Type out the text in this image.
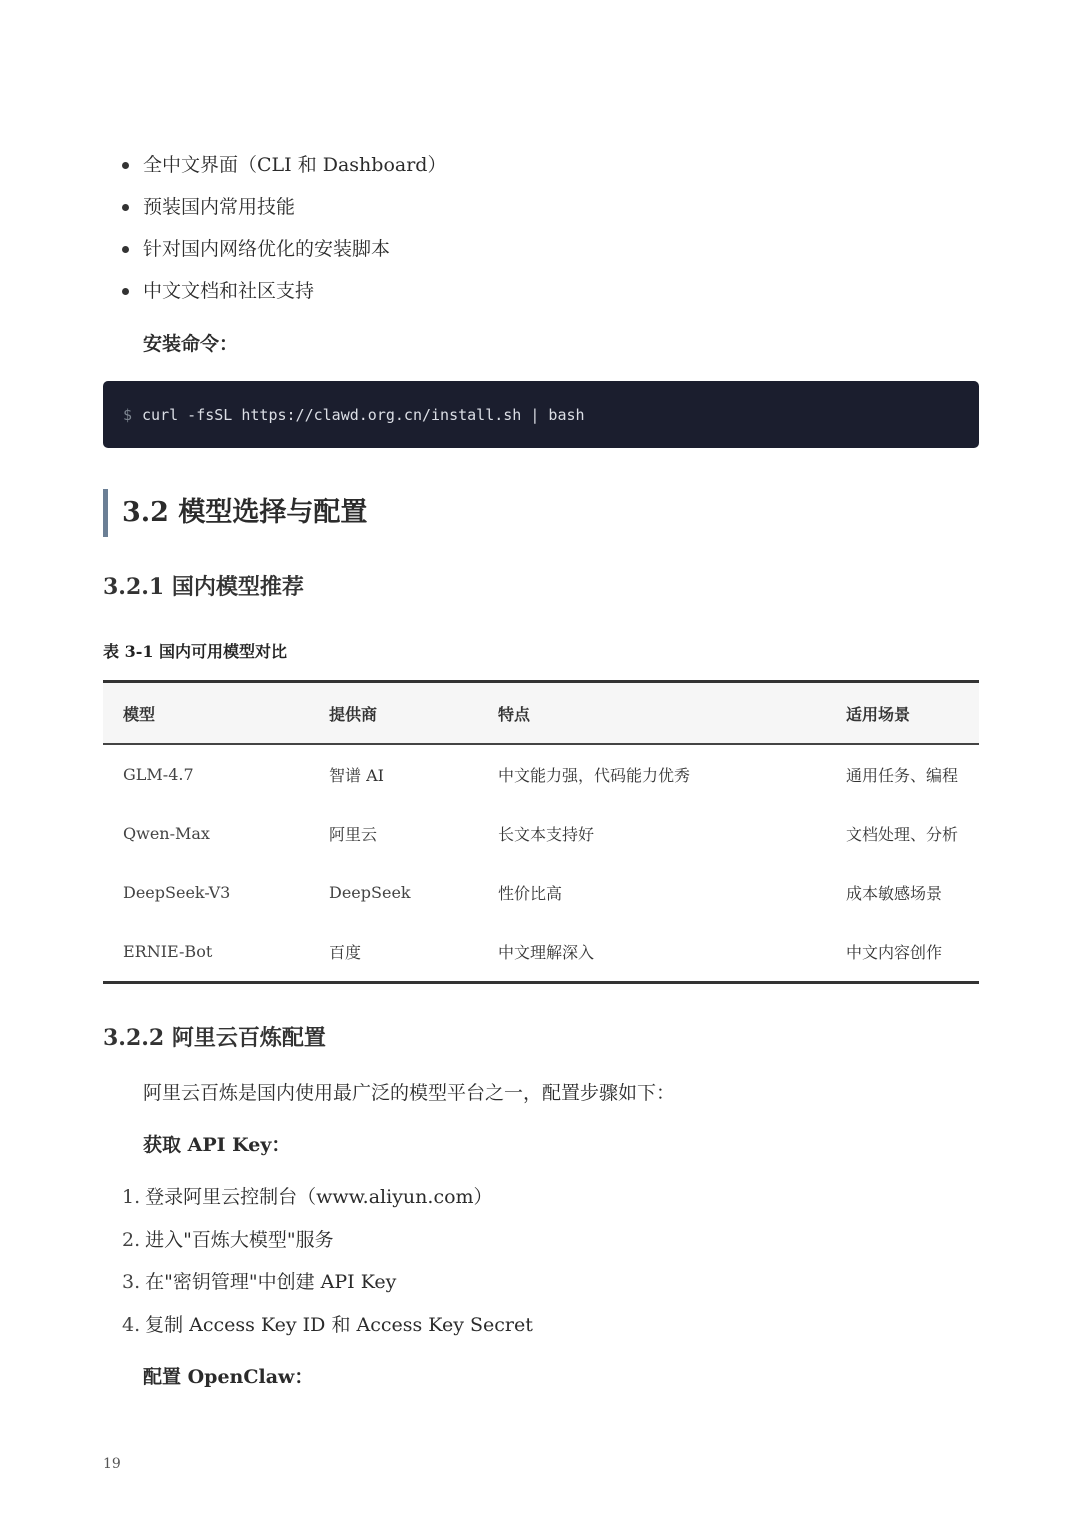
全中文界面（CLI 和 Dashboard）
预装国内常用技能
针对国内网络优化的安装脚本
中文文档和社区支持
安装命令：
$ curl -fsSL https://clawd.org.cn/install.sh | bash
3.2 模型选择与配置
3.2.1 国内模型推荐
表 3-1 国内可用模型对比
模型	提供商	特点	适用场景
GLM-4.7	智谱 AI	中文能力强，代码能力优秀	通用任务、编程
Qwen-Max	阿里云	长文本支持好	文档处理、分析
DeepSeek-V3	DeepSeek	性价比高	成本敏感场景
ERNIE-Bot	百度	中文理解深入	中文内容创作
3.2.2 阿里云百炼配置
阿里云百炼是国内使用最广泛的模型平台之一，配置步骤如下：
获取 API Key：
1. 登录阿里云控制台（www.aliyun.com）
2. 进入"百炼大模型"服务
3. 在"密钥管理"中创建 API Key
4. 复制 Access Key ID 和 Access Key Secret
配置 OpenClaw：
19
